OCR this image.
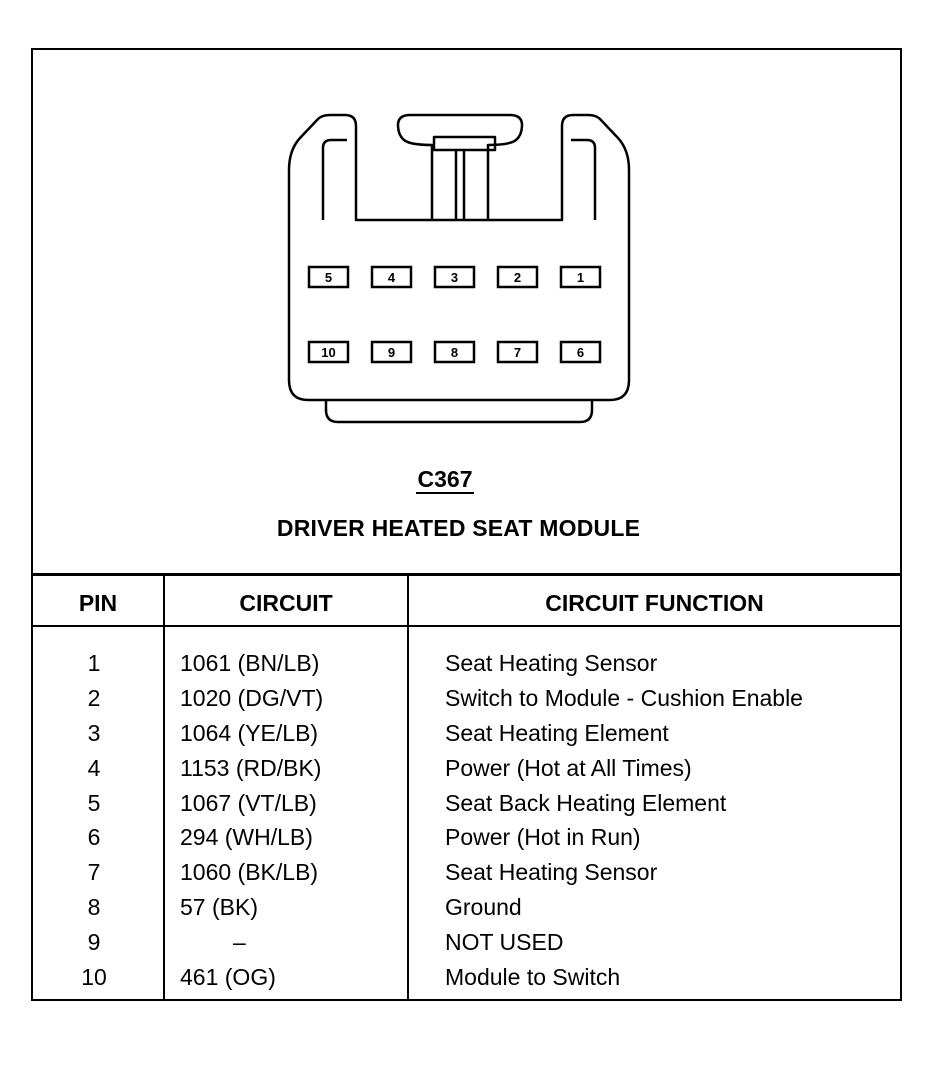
5	4	3	2	1
10	9	8	7	6
C367
DRIVER HEATED SEAT MODULE
PIN	CIRCUIT	CIRCUIT FUNCTION
1	1061 (BN/LB)	Seat Heating Sensor
2	1020 (DG/VT)	Switch to Module - Cushion Enable
3	1064 (YE/LB)	Seat Heating Element
4	1153 (RD/BK)	Power (Hot at All Times)
5	1067 (VT/LB)	Seat Back Heating Element
6	294 (WH/LB)	Power (Hot in Run)
7	1060 (BK/LB)	Seat Heating Sensor
8	57 (BK)	Ground
9	–	NOT USED
10	461 (OG)	Module to Switch
